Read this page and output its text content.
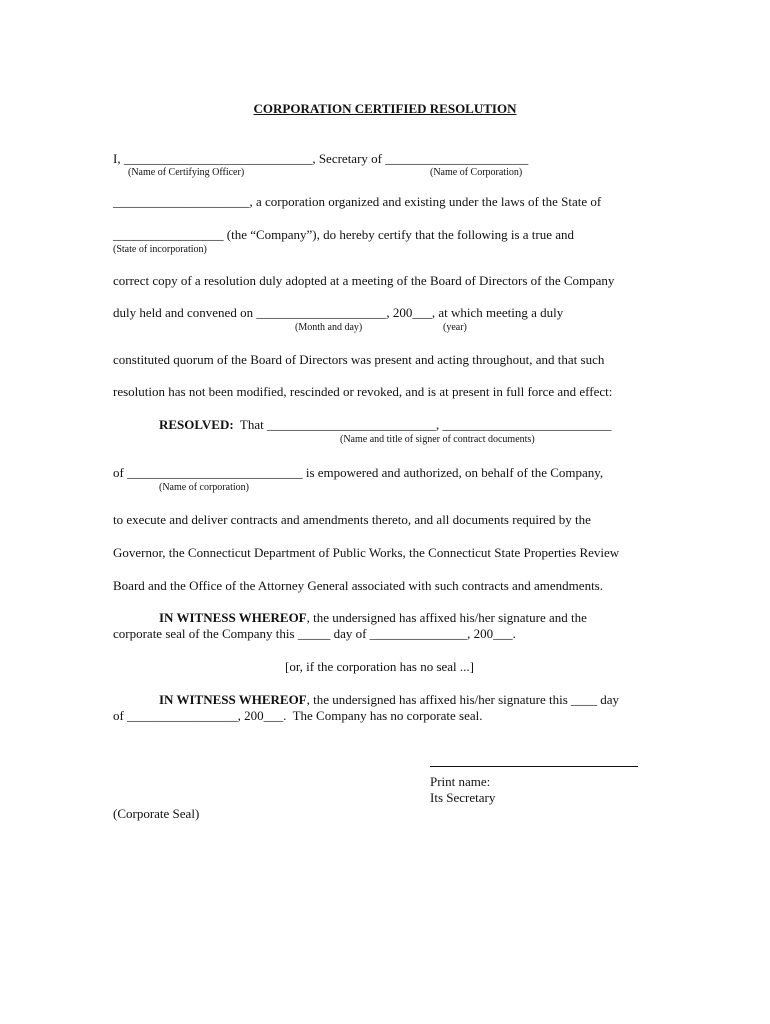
CORPORATION CERTIFIED RESOLUTION
I, _____________________________, Secretary of ______________________
(Name of Certifying Officer)	(Name of Corporation)
_____________________, a corporation organized and existing under the laws of the State of
_________________ (the “Company”), do hereby certify that the following is a true and
(State of incorporation)
correct copy of a resolution duly adopted at a meeting of the Board of Directors of the Company
duly held and convened on ____________________, 200___, at which meeting a duly
(Month and day)	(year)
constituted quorum of the Board of Directors was present and acting throughout, and that such
resolution has not been modified, rescinded or revoked, and is at present in full force and effect:
RESOLVED:  That __________________________, __________________________
(Name and title of signer of contract documents)
of ___________________________ is empowered and authorized, on behalf of the Company,
(Name of corporation)
to execute and deliver contracts and amendments thereto, and all documents required by the
Governor, the Connecticut Department of Public Works, the Connecticut State Properties Review
Board and the Office of the Attorney General associated with such contracts and amendments.
IN WITNESS WHEREOF, the undersigned has affixed his/her signature and the
corporate seal of the Company this _____ day of _______________, 200___.
[or, if the corporation has no seal ...]
IN WITNESS WHEREOF, the undersigned has affixed his/her signature this ____ day
of _________________, 200___.  The Company has no corporate seal.
Print name:
Its Secretary
(Corporate Seal)
